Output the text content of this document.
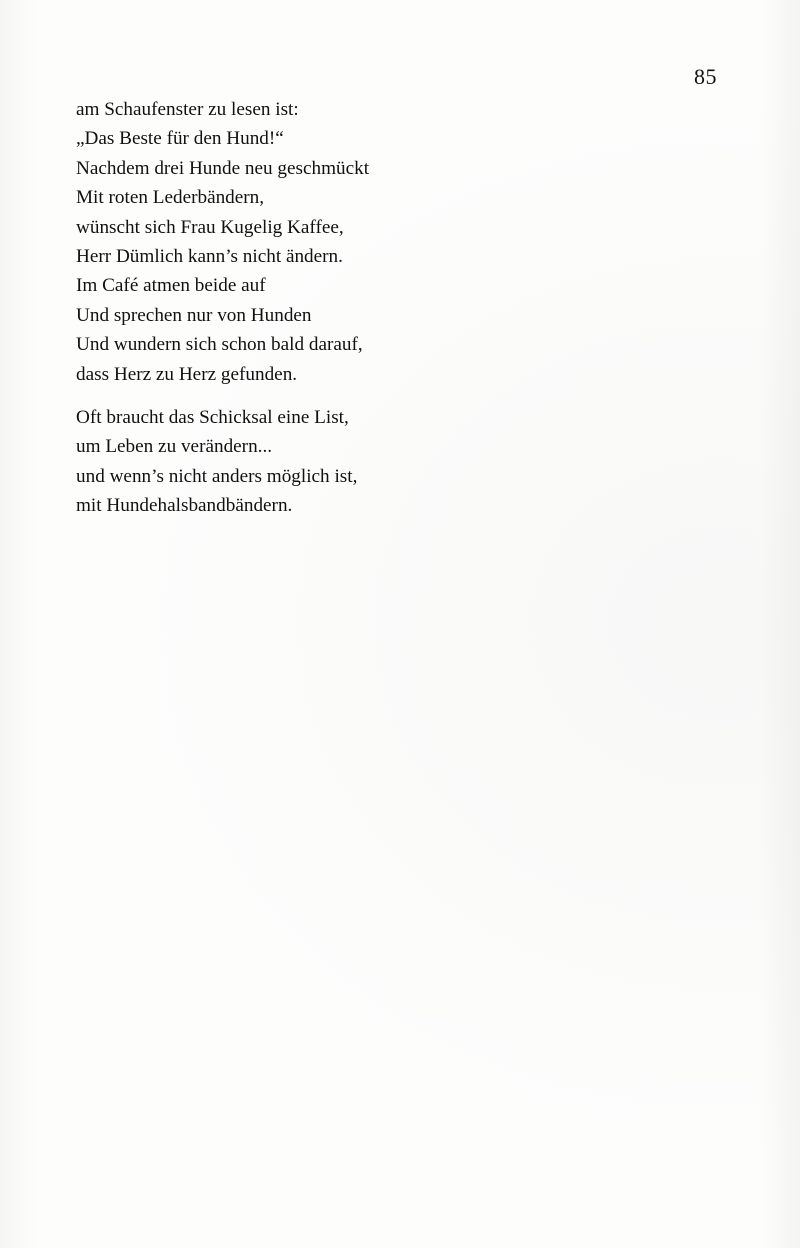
85
am Schaufenster zu lesen ist:
„Das Beste für den Hund!“
Nachdem drei Hunde neu geschmückt
Mit roten Lederbändern,
wünscht sich Frau Kugelig Kaffee,
Herr Dümlich kann’s nicht ändern.
Im Café atmen beide auf
Und sprechen nur von Hunden
Und wundern sich schon bald darauf,
dass Herz zu Herz gefunden.
Oft braucht das Schicksal eine List,
um Leben zu verändern...
und wenn’s nicht anders möglich ist,
mit Hundehalsbandbändern.
